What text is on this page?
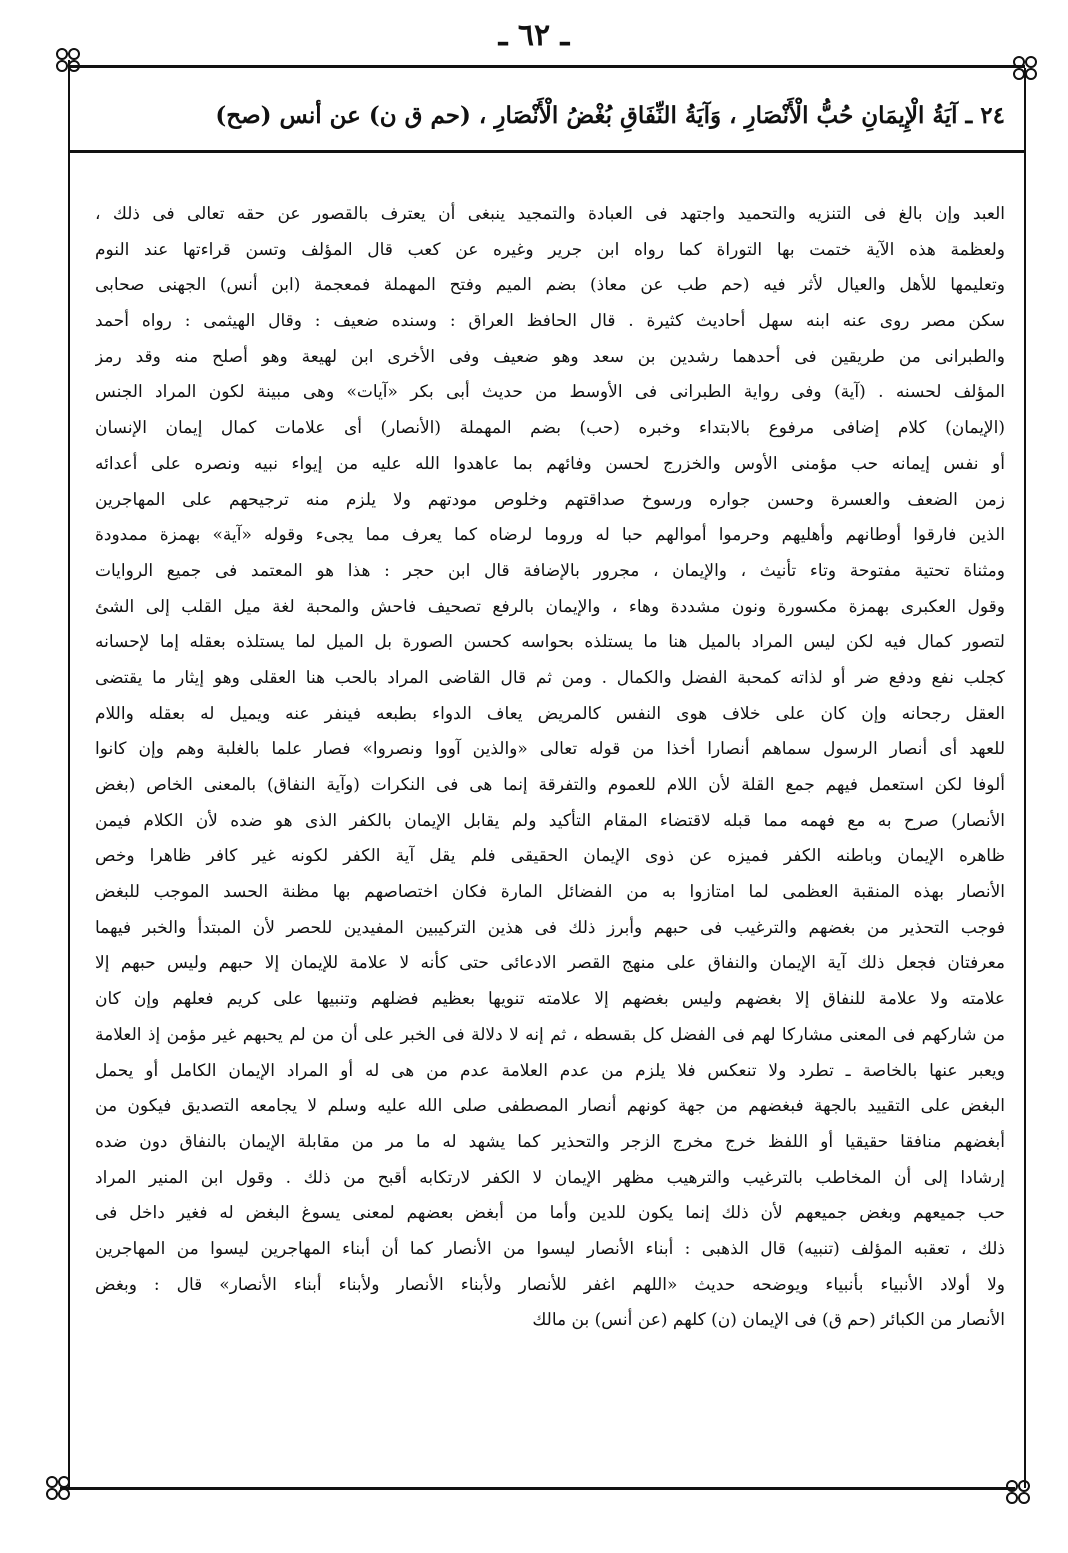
ـ ٦٢ ـ
٢٤ ـ آيَةُ الْإِيمَانِ حُبُّ الْأَنْصَارِ ، وَآيَةُ النِّفَاقِ بُغْضُ الْأَنْصَارِ ، (حم ق ن) عن أنس (صح)
العبد وإن بالغ فى التنزيه والتحميد واجتهد فى العبادة والتمجيد ينبغى أن يعترف بالقصور عن حقه تعالى فى ذلك ،
ولعظمة هذه الآية ختمت بها التوراة كما رواه ابن جرير وغيره عن كعب قال المؤلف وتسن قراءتها عند النوم
وتعليمها للأهل والعيال لأثر فيه (حم طب عن معاذ) بضم الميم وفتح المهملة فمعجمة (ابن أنس) الجهنى صحابى
سكن مصر روى عنه ابنه سهل أحاديث كثيرة . قال الحافظ العراق : وسنده ضعيف : وقال الهيثمى : رواه أحمد
والطبرانى من طريقين فى أحدهما رشدين بن سعد وهو ضعيف وفى الأخرى ابن لهيعة وهو أصلح منه وقد رمز
المؤلف لحسنه . (آية) وفى رواية الطبرانى فى الأوسط من حديث أبى بكر «آيات» وهى مبينة لكون المراد الجنس
(الإيمان) كلام إضافى مرفوع بالابتداء وخبره (حب) بضم المهملة (الأنصار) أى علامات كمال إيمان الإنسان
أو نفس إيمانه حب مؤمنى الأوس والخزرج لحسن وفائهم بما عاهدوا الله عليه من إيواء نبيه ونصره على أعدائه
زمن الضعف والعسرة وحسن جواره ورسوخ صداقتهم وخلوص مودتهم ولا يلزم منه ترجيحهم على المهاجرين
الذين فارقوا أوطانهم وأهليهم وحرموا أموالهم حبا له وروما لرضاه كما يعرف مما يجىء وقوله «آية» بهمزة ممدودة
ومثناة تحتية مفتوحة وتاء تأنيث ، والإيمان ، مجرور بالإضافة قال ابن حجر : هذا هو المعتمد فى جميع الروايات
وقول العكبرى بهمزة مكسورة ونون مشددة وهاء ، والإيمان بالرفع تصحيف فاحش والمحبة لغة ميل القلب إلى الشئ
لتصور كمال فيه لكن ليس المراد بالميل هنا ما يستلذه بحواسه كحسن الصورة بل الميل لما يستلذه بعقله إما لإحسانه
كجلب نفع ودفع ضر أو لذاته كمحبة الفضل والكمال . ومن ثم قال القاضى المراد بالحب هنا العقلى وهو إيثار ما يقتضى
العقل رجحانه وإن كان على خلاف هوى النفس كالمريض يعاف الدواء بطبعه فينفر عنه ويميل له بعقله واللام
للعهد أى أنصار الرسول سماهم أنصارا أخذا من قوله تعالى «والذين آووا ونصروا» فصار علما بالغلبة وهم وإن كانوا
ألوفا لكن استعمل فيهم جمع القلة لأن اللام للعموم والتفرقة إنما هى فى النكرات (وآية النفاق) بالمعنى الخاص (بغض
الأنصار) صرح به مع فهمه مما قبله لاقتضاء المقام التأكيد ولم يقابل الإيمان بالكفر الذى هو ضده لأن الكلام فيمن
ظاهره الإيمان وباطنه الكفر فميزه عن ذوى الإيمان الحقيقى فلم يقل آية الكفر لكونه غير كافر ظاهرا وخص
الأنصار بهذه المنقبة العظمى لما امتازوا به من الفضائل المارة فكان اختصاصهم بها مظنة الحسد الموجب للبغض
فوجب التحذير من بغضهم والترغيب فى حبهم وأبرز ذلك فى هذين التركيبين المفيدين للحصر لأن المبتدأ والخبر فيهما
معرفتان فجعل ذلك آية الإيمان والنفاق على منهج القصر الادعائى حتى كأنه لا علامة للإيمان إلا حبهم وليس حبهم إلا
علامته ولا علامة للنفاق إلا بغضهم وليس بغضهم إلا علامته تنويها بعظيم فضلهم وتنبيها على كريم فعلهم وإن كان
من شاركهم فى المعنى مشاركا لهم فى الفضل كل بقسطه ، ثم إنه لا دلالة فى الخبر على أن من لم يحبهم غير مؤمن إذ العلامة
ويعبر عنها بالخاصة ـ تطرد ولا تنعكس فلا يلزم من عدم العلامة عدم من هى له أو المراد الإيمان الكامل أو يحمل
البغض على التقييد بالجهة فبغضهم من جهة كونهم أنصار المصطفى صلى الله عليه وسلم لا يجامعه التصديق فيكون من
أبغضهم منافقا حقيقيا أو اللفظ خرج مخرج الزجر والتحذير كما يشهد له ما مر من مقابلة الإيمان بالنفاق دون ضده
إرشادا إلى أن المخاطب بالترغيب والترهيب مظهر الإيمان لا الكفر لارتكابه أقبح من ذلك . وقول ابن المنير المراد
حب جميعهم وبغض جميعهم لأن ذلك إنما يكون للدين وأما من أبغض بعضهم لمعنى يسوغ البغض له فغير داخل فى
ذلك ، تعقبه المؤلف (تنبيه) قال الذهبى : أبناء الأنصار ليسوا من الأنصار كما أن أبناء المهاجرين ليسوا من المهاجرين
ولا أولاد الأنبياء بأنبياء ويوضحه حديث «اللهم اغفر للأنصار ولأبناء الأنصار ولأبناء أبناء الأنصار» قال : وبغض
الأنصار من الكبائر (حم ق) فى الإيمان (ن) كلهم (عن أنس) بن مالك
